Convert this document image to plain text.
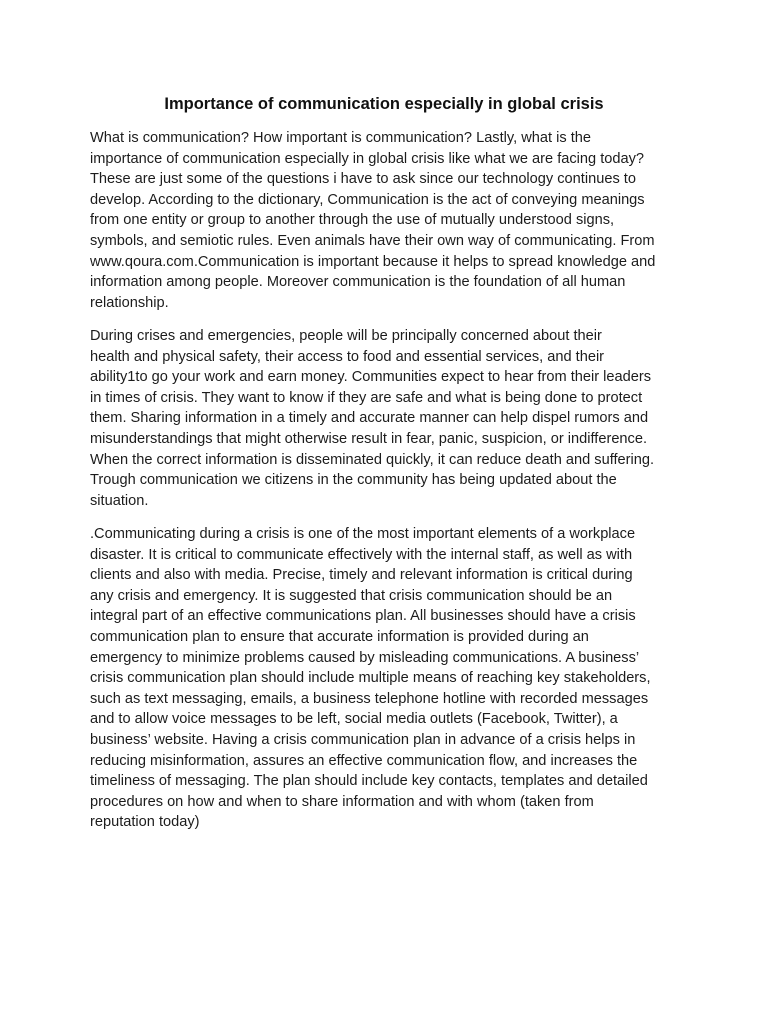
Importance of communication especially in global crisis

What is communication? How important is communication? Lastly, what is the
importance of communication especially in global crisis like what we are facing today?
These are just some of the questions i have to ask since our technology continues to
develop. According to the dictionary, Communication is the act of conveying meanings
from one entity or group to another through the use of mutually understood signs,
symbols, and semiotic rules. Even animals have their own way of communicating. From
www.qoura.com.Communication is important because it helps to spread knowledge and
information among people. Moreover communication is the foundation of all human
relationship.

During crises and emergencies, people will be principally concerned about their
health and physical safety, their access to food and essential services, and their
ability1to go your work and earn money. Communities expect to hear from their leaders
in times of crisis. They want to know if they are safe and what is being done to protect
them. Sharing information in a timely and accurate manner can help dispel rumors and
misunderstandings that might otherwise result in fear, panic, suspicion, or indifference.
When the correct information is disseminated quickly, it can reduce death and suffering.
Trough communication we citizens in the community has being updated about the
situation.

.Communicating during a crisis is one of the most important elements of a workplace
disaster. It is critical to communicate effectively with the internal staff, as well as with
clients and also with media. Precise, timely and relevant information is critical during
any crisis and emergency. It is suggested that crisis communication should be an
integral part of an effective communications plan. All businesses should have a crisis
communication plan to ensure that accurate information is provided during an
emergency to minimize problems caused by misleading communications. A business’
crisis communication plan should include multiple means of reaching key stakeholders,
such as text messaging, emails, a business telephone hotline with recorded messages
and to allow voice messages to be left, social media outlets (Facebook, Twitter), a
business’ website. Having a crisis communication plan in advance of a crisis helps in
reducing misinformation, assures an effective communication flow, and increases the
timeliness of messaging. The plan should include key contacts, templates and detailed
procedures on how and when to share information and with whom (taken from
reputation today)
